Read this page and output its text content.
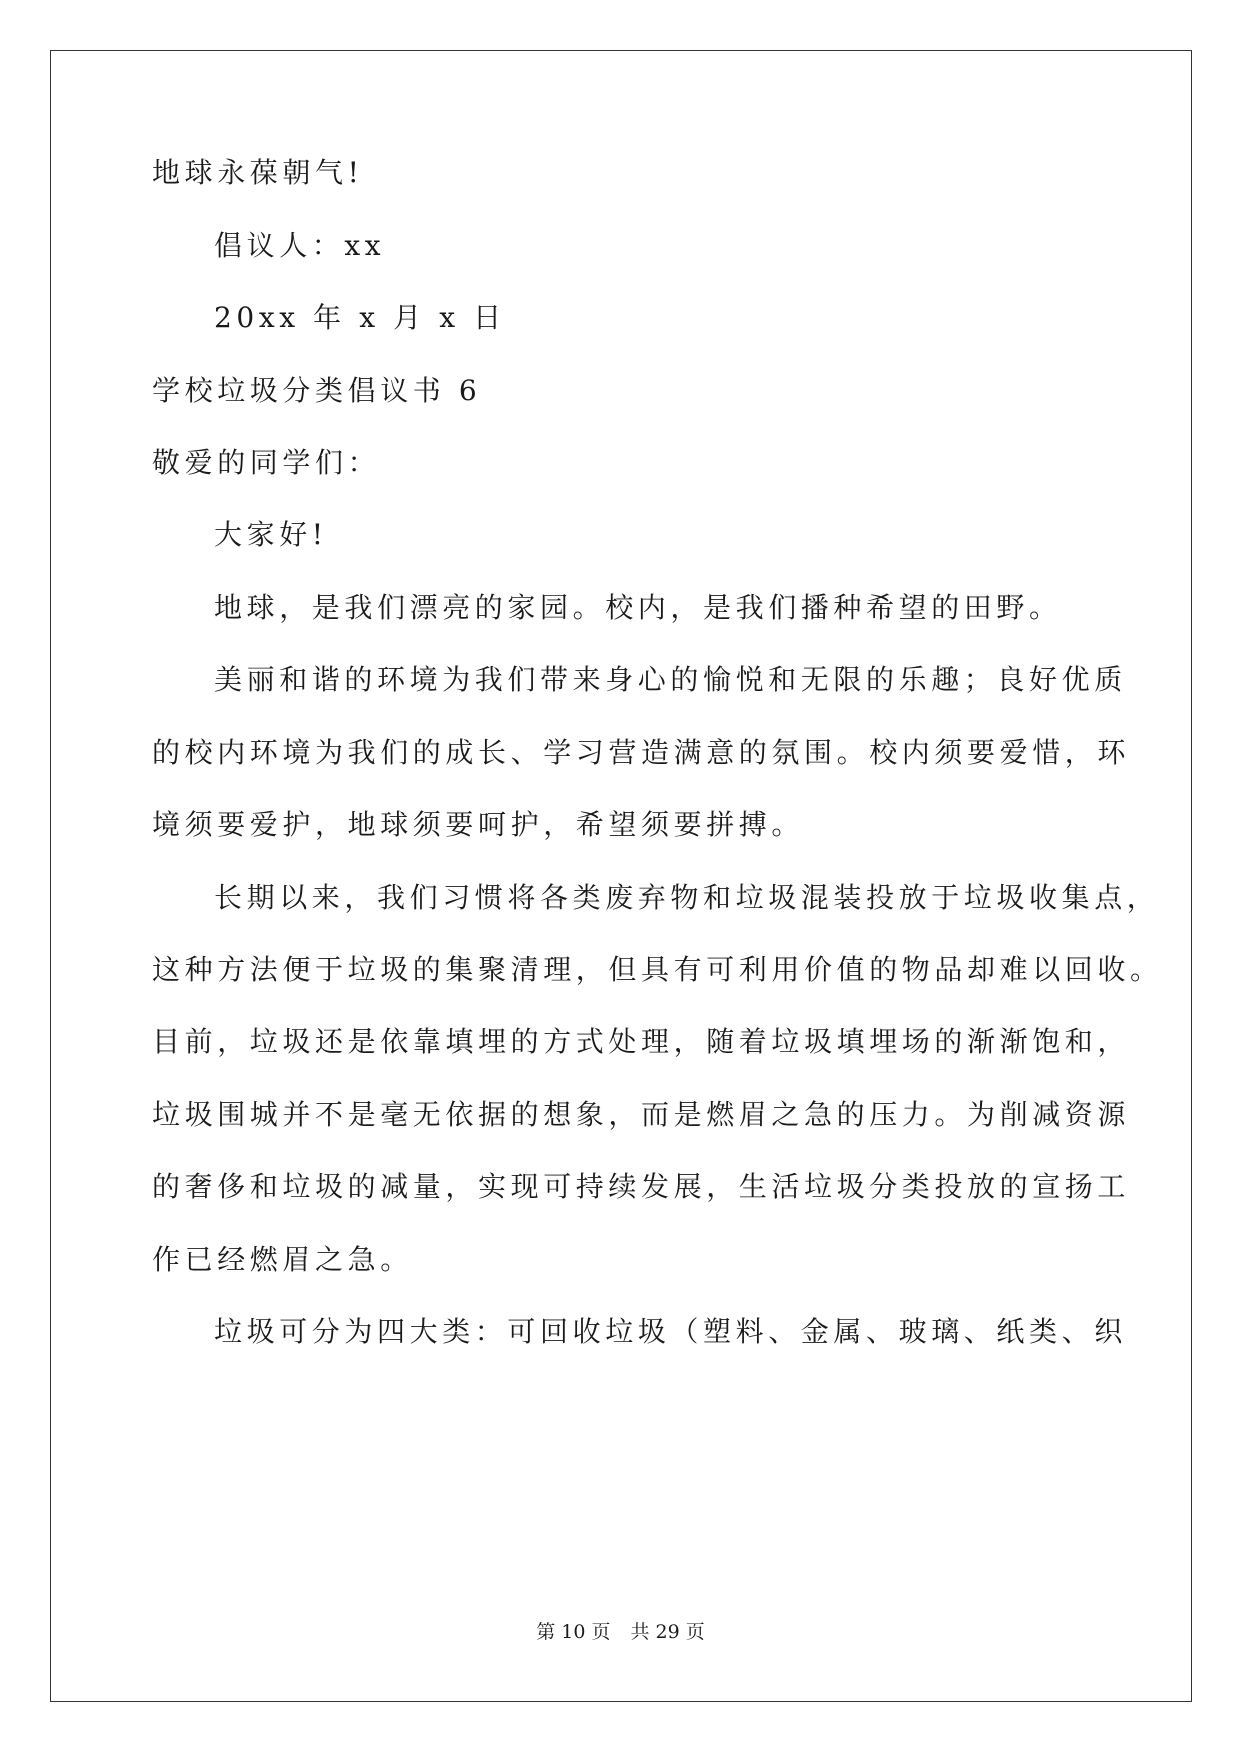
地球永葆朝气!
倡议人：xx
20xx 年 x 月 x 日
学校垃圾分类倡议书 6
敬爱的同学们：
大家好!
地球，是我们漂亮的家园。校内，是我们播种希望的田野。
美丽和谐的环境为我们带来身心的愉悦和无限的乐趣；良好优质
的校内环境为我们的成长、学习营造满意的氛围。校内须要爱惜，环
境须要爱护，地球须要呵护，希望须要拼搏。
长期以来，我们习惯将各类废弃物和垃圾混装投放于垃圾收集点，
这种方法便于垃圾的集聚清理，但具有可利用价值的物品却难以回收。
目前，垃圾还是依靠填埋的方式处理，随着垃圾填埋场的渐渐饱和，
垃圾围城并不是毫无依据的想象，而是燃眉之急的压力。为削减资源
的奢侈和垃圾的减量，实现可持续发展，生活垃圾分类投放的宣扬工
作已经燃眉之急。
垃圾可分为四大类：可回收垃圾（塑料、金属、玻璃、纸类、织
第 10 页 共 29 页
